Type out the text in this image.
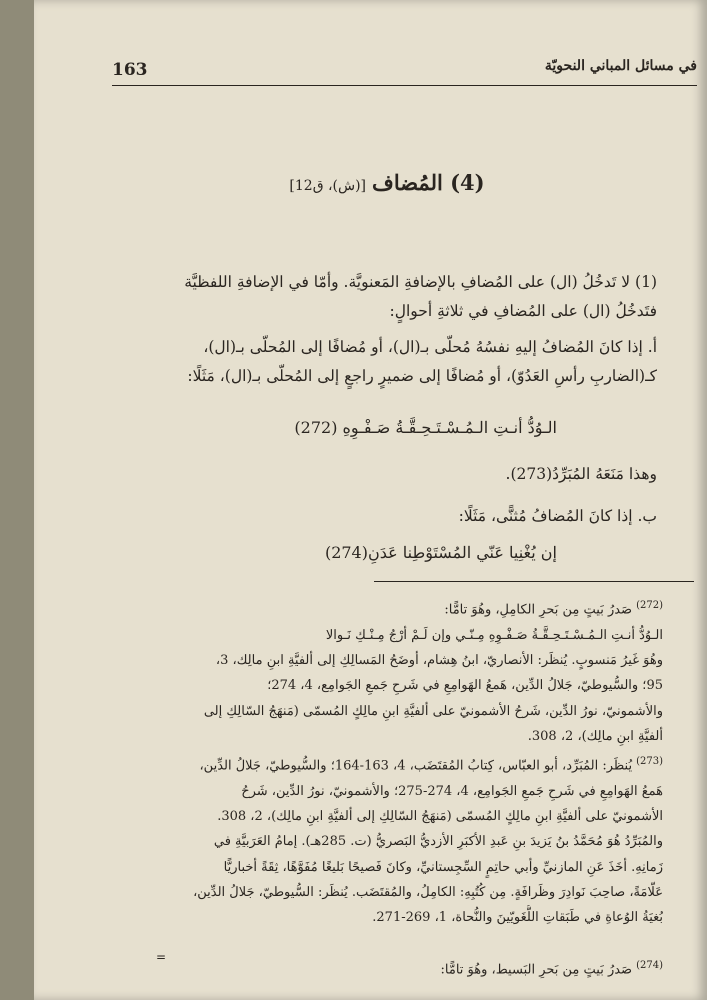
163	في مسائل المباني النحويّة
(4) المُضاف [(ش)، ق12]
(1) لا تَدخُلُ (ال) على المُضافِ بالإضافةِ المَعنويَّة. وأمّا في الإضافةِ اللفظيَّة
فتَدخُلُ (ال) على المُضافِ في ثلاثةِ أحوالٍ:
أ. إذا كانَ المُضافُ إليهِ نفسُهُ مُحلّى بـ(ال)، أو مُضافًا إلى المُحلّى بـ(ال)،
كـ(الضاربِ رأسِ العَدُوّ)، أو مُضافًا إلى ضميرٍ راجعٍ إلى المُحلّى بـ(ال)، مَثَلًا:
الـوُدُّ أنـتِ الـمُـسْـتَـحِـقَّـةُ صَـفْـوِهِ (272)
وهذا مَنَعَهُ المُبَرِّدُ(273).
ب. إذا كانَ المُضافُ مُثنًّى، مَثَلًا:
إن يُغْنِيا عَنّي المُسْتَوْطِنا عَدَنِ(274)
$^{(272)}$صَدرُ بَيتٍ مِن بَحرِ الكامِلِ، وهُوَ تامًّا:
الـوُدُّ أنـتِ الـمُـسْـتَـحِـقَّـةُ صَـفْـوِهِ مِـنّـي وإن لَـمْ أرْجُ مِـنْـكِ نَـوالا
وهُوَ غَيرُ مَنسوبٍ. يُنظَر: الأنصاريّ، ابنُ هِشام، أوضَحُ المَسالِكِ إلى ألفيَّةِ ابنِ مالِك، 3،
95؛ والسُّيوطيّ، جَلالُ الدِّين، هَمعُ الهَوامِعِ في شَرحِ جَمعِ الجَوامِع، 4، 274؛
والأشمونيّ، نورُ الدِّين، شَرحُ الأشمونيّ على ألفيَّةِ ابنِ مالِكٍ المُسمّى (مَنهَجُ السّالِكِ إلى
ألفيَّةِ ابنِ مالِك)، 2، 308.
$^{(273)}$يُنظَر: المُبَرِّد، أبو العبّاس، كِتابُ المُقتَضَب، 4، 163-164؛ والسُّيوطيّ، جَلالُ الدِّين،
هَمعُ الهَوامِعِ في شَرحِ جَمعِ الجَوامِع، 4، 274-275؛ والأشمونيّ، نورُ الدِّين، شَرحُ
الأشمونيّ على ألفيَّةِ ابنِ مالِكٍ المُسمّى (مَنهَجُ السّالِكِ إلى ألفيَّةِ ابنِ مالِك)، 2، 308.
والمُبَرِّدُ هُوَ مُحَمَّدُ بنُ يَزيدَ بنِ عَبدِ الأكبَرِ الأزديُّ البَصريُّ (ت. 285هـ). إمامُ العَرَبيَّةِ في
زَمانِهِ. أخَذَ عَنِ المازنيِّ وأبي حاتِمٍ السِّجِستانيِّ، وكانَ فَصيحًا بَليغًا مُفَوَّهًا، ثِقَةً أخباريًّا
عَلّامَةً، صاحِبَ نَوادِرَ وظَرافَةٍ. مِن كُتُبِهِ: الكامِلُ، والمُقتَضَب. يُنظَر: السُّيوطيّ، جَلالُ الدِّين،
بُغيَةُ الوُعاةِ في طَبَقاتِ اللُّغَويّينَ والنُّحاة، 1، 269-271.
$^{(274)}$صَدرُ بَيتٍ مِن بَحرِ البَسيط، وهُوَ تامًّا:
=
